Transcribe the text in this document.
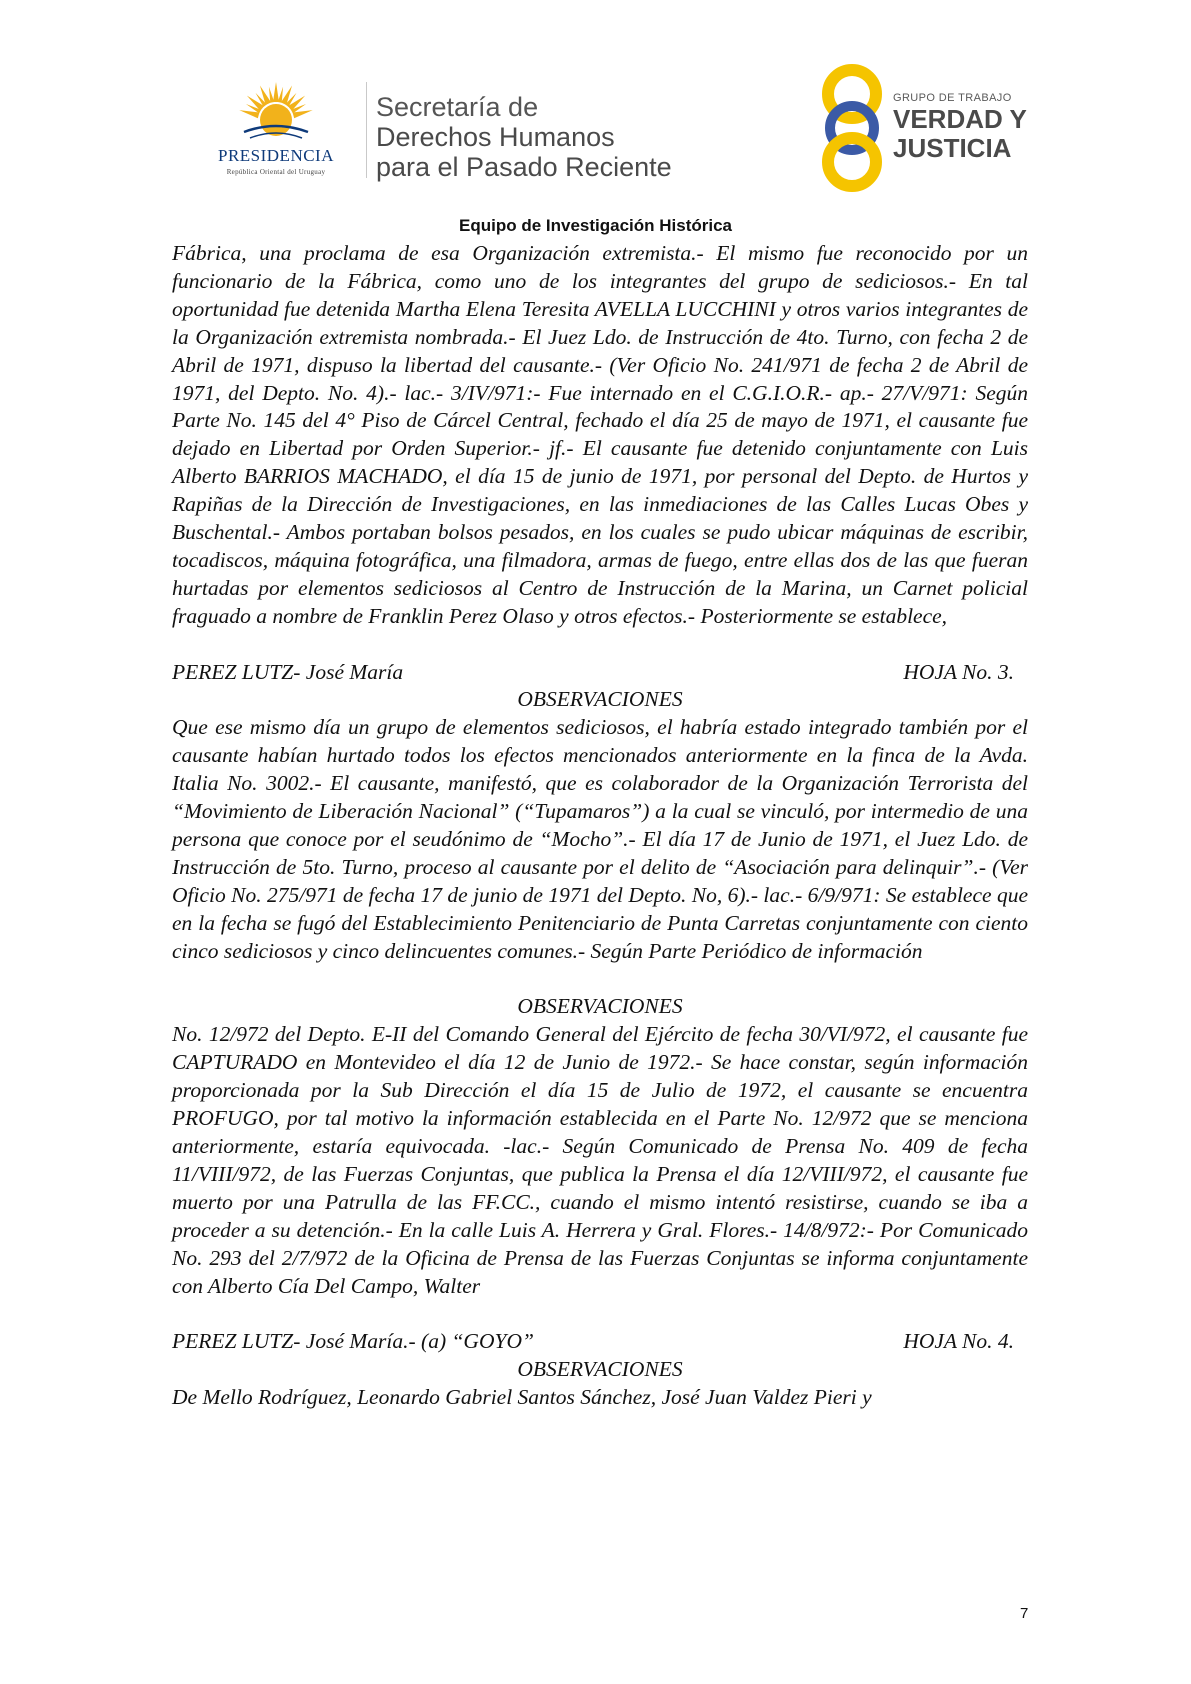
PRESIDENCIA
República Oriental del Uruguay
Secretaría de
Derechos Humanos
para el Pasado Reciente
GRUPO DE TRABAJO
VERDAD Y
JUSTICIA
Equipo de Investigación Histórica

Fábrica, una proclama de esa Organización extremista.- El mismo fue reconocido por un funcionario de la Fábrica, como uno de los integrantes del grupo de sediciosos.- En tal oportunidad fue detenida Martha Elena Teresita AVELLA LUCCHINI y otros varios integrantes de la Organización extremista nombrada.- El Juez Ldo. de Instrucción de 4to. Turno, con fecha 2 de Abril de 1971, dispuso la libertad del causante.- (Ver Oficio No. 241/971 de fecha 2 de Abril de 1971, del Depto. No. 4).- lac.- 3/IV/971:- Fue internado en el C.G.I.O.R.- ap.- 27/V/971: Según Parte No. 145 del 4° Piso de Cárcel Central, fechado el día 25 de mayo de 1971, el causante fue dejado en Libertad por Orden Superior.- jf.- El causante fue detenido conjuntamente con Luis Alberto BARRIOS MACHADO, el día 15 de junio de 1971, por personal del Depto. de Hurtos y Rapiñas de la Dirección de Investigaciones, en las inmediaciones de las Calles Lucas Obes y Buschental.- Ambos portaban bolsos pesados, en los cuales se pudo ubicar máquinas de escribir, tocadiscos, máquina fotográfica, una filmadora, armas de fuego, entre ellas dos de las que fueran hurtadas por elementos sediciosos al Centro de Instrucción de la Marina, un Carnet policial fraguado a nombre de Franklin Perez Olaso y otros efectos.- Posteriormente se establece,

PEREZ LUTZ- José María	HOJA No. 3.

OBSERVACIONES

Que ese mismo día un grupo de elementos sediciosos, el habría estado integrado también por el causante habían hurtado todos los efectos mencionados anteriormente en la finca de la Avda. Italia No. 3002.- El causante, manifestó, que es colaborador de la Organización Terrorista del “Movimiento de Liberación Nacional” (“Tupamaros”) a la cual se vinculó, por intermedio de una persona que conoce por el seudónimo de “Mocho”.- El día 17 de Junio de 1971, el Juez Ldo. de Instrucción de 5to. Turno, proceso al causante por el delito de “Asociación para delinquir”.- (Ver Oficio No. 275/971 de fecha 17 de junio de 1971 del Depto. No, 6).- lac.- 6/9/971: Se establece que en la fecha se fugó del Establecimiento Penitenciario de Punta Carretas conjuntamente con ciento cinco sediciosos y cinco delincuentes comunes.- Según Parte Periódico de información

OBSERVACIONES

No. 12/972 del Depto. E-II del Comando General del Ejército de fecha 30/VI/972, el causante fue CAPTURADO en Montevideo el día 12 de Junio de 1972.- Se hace constar, según información proporcionada por la Sub Dirección el día 15 de Julio de 1972, el causante se encuentra PROFUGO, por tal motivo la información establecida en el Parte No. 12/972 que se menciona anteriormente, estaría equivocada. -lac.- Según Comunicado de Prensa No. 409 de fecha 11/VIII/972, de las Fuerzas Conjuntas, que publica la Prensa el día 12/VIII/972, el causante fue muerto por una Patrulla de las FF.CC., cuando el mismo intentó resistirse, cuando se iba a proceder a su detención.- En la calle Luis A. Herrera y Gral. Flores.- 14/8/972:- Por Comunicado No. 293 del 2/7/972 de la Oficina de Prensa de las Fuerzas Conjuntas se informa conjuntamente con Alberto Cía Del Campo, Walter

PEREZ LUTZ- José María.- (a) “GOYO”	HOJA No. 4.

OBSERVACIONES

De Mello Rodríguez, Leonardo Gabriel Santos Sánchez, José Juan Valdez Pieri y

7
